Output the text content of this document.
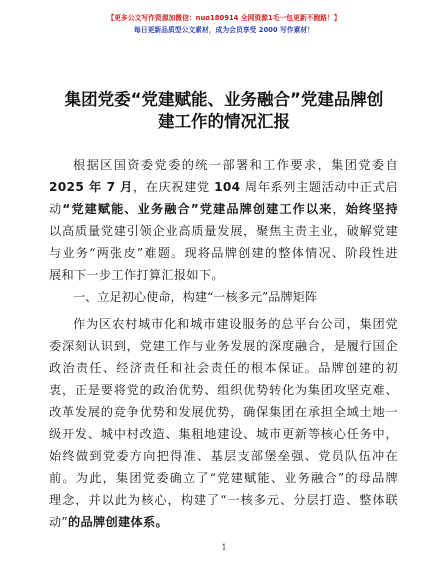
【更多公文写作资源加微信：nuo180914 全网资源1毛一包更新不跑路！】
每日更新品质型公文素材，成为会员享受 2000 写作素材！
集团党委“党建赋能、业务融合”党建品牌创
建工作的情况汇报
根据区国资委党委的统一部署和工作要求，集团党委自
2025 年 7 月，在庆祝建党 104 周年系列主题活动中正式启
动“党建赋能、业务融合”党建品牌创建工作以来，始终坚持
以高质量党建引领企业高质量发展，聚焦主责主业，破解党建
与业务“两张皮”难题。现将品牌创建的整体情况、阶段性进
展和下一步工作打算汇报如下。
一、立足初心使命，构建“一核多元”品牌矩阵
作为区农村城市化和城市建设服务的总平台公司，集团党
委深刻认识到，党建工作与业务发展的深度融合，是履行国企
政治责任、经济责任和社会责任的根本保证。品牌创建的初
衷，正是要将党的政治优势、组织优势转化为集团攻坚克难、
改革发展的竞争优势和发展优势，确保集团在承担全域土地一
级开发、城中村改造、集租地建设、城市更新等核心任务中，
始终做到党委方向把得准、基层支部堡垒强、党员队伍冲在
前。为此，集团党委确立了“党建赋能、业务融合”的母品牌
理念，并以此为核心，构建了“一核多元、分层打造、整体联
动”的品牌创建体系。
1
